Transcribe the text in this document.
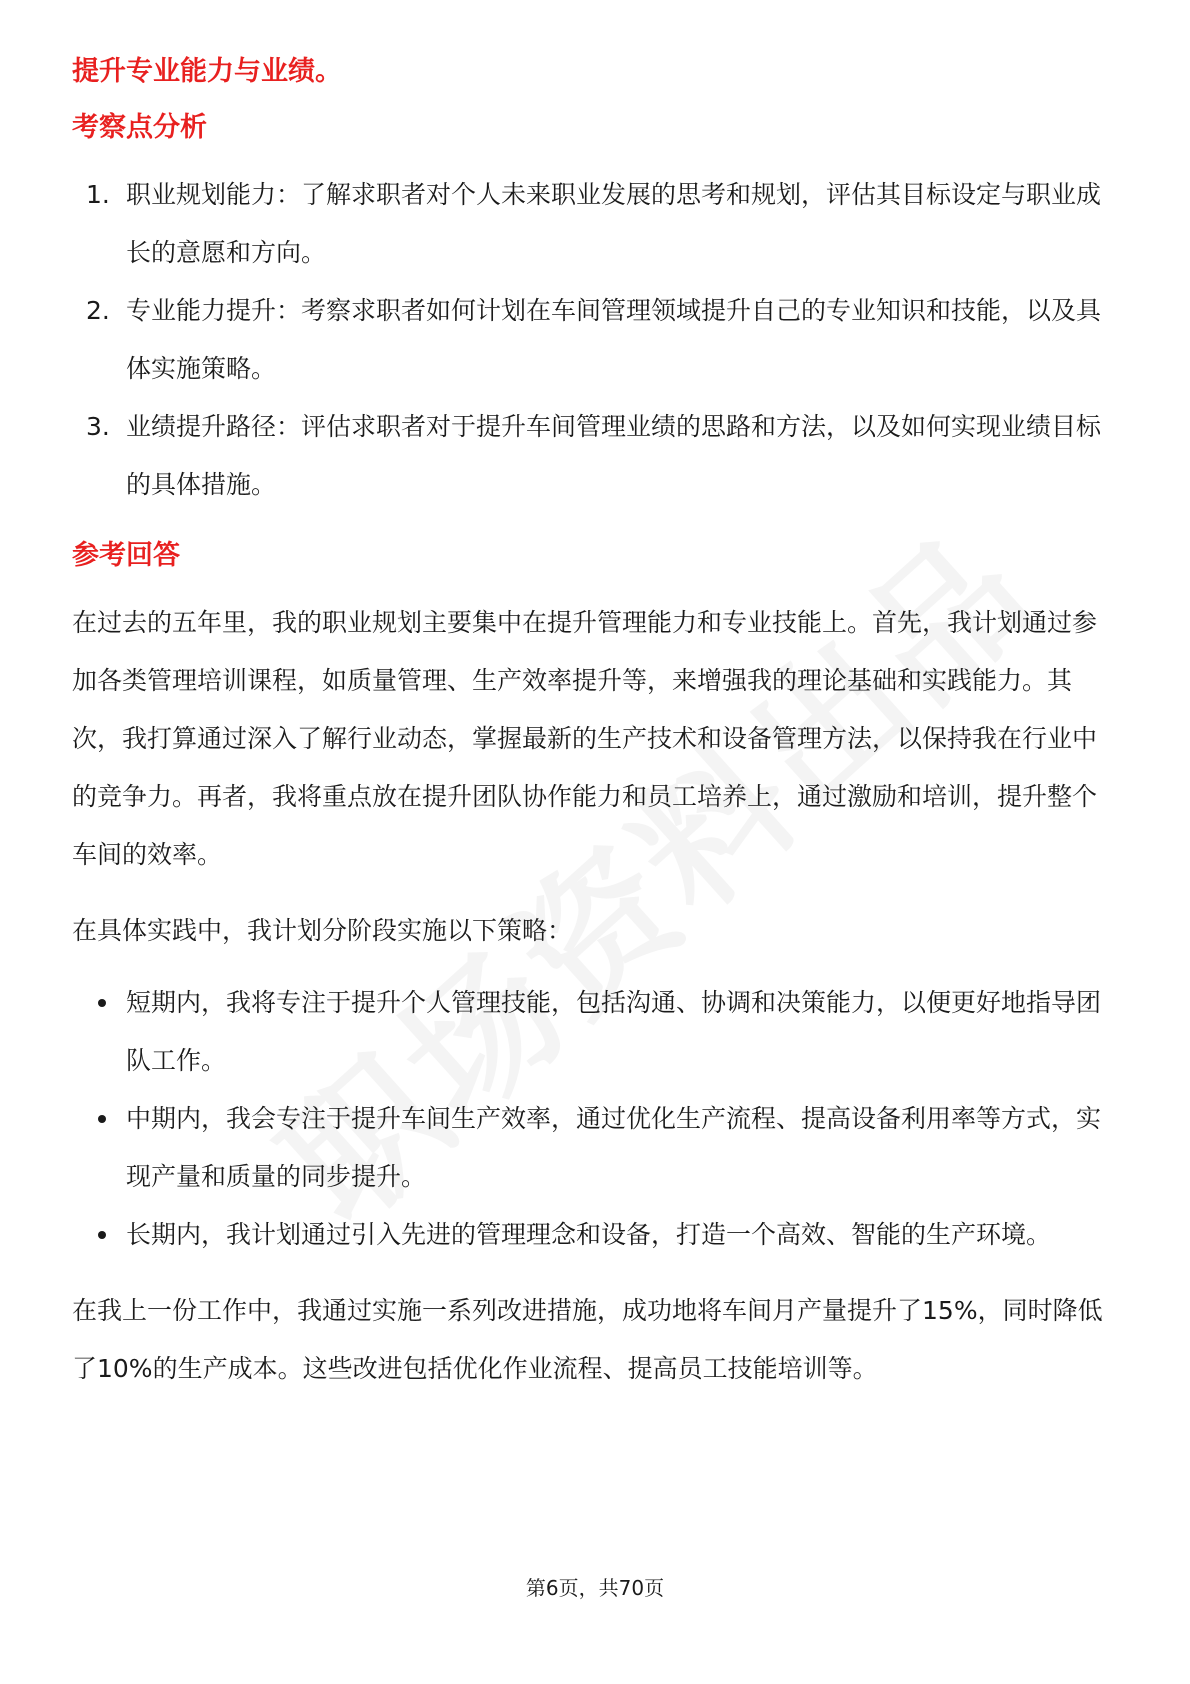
提升专业能力与业绩。

考察点分析
1. 职业规划能力：了解求职者对个人未来职业发展的思考和规划，评估其目标设定与职业成长的意愿和方向。
2. 专业能力提升：考察求职者如何计划在车间管理领域提升自己的专业知识和技能，以及具体实施策略。
3. 业绩提升路径：评估求职者对于提升车间管理业绩的思路和方法，以及如何实现业绩目标的具体措施。
参考回答

在过去的五年里，我的职业规划主要集中在提升管理能力和专业技能上。首先，我计划通过参加各类管理培训课程，如质量管理、生产效率提升等，来增强我的理论基础和实践能力。其次，我打算通过深入了解行业动态，掌握最新的生产技术和设备管理方法，以保持我在行业中的竞争力。再者，我将重点放在提升团队协作能力和员工培养上，通过激励和培训，提升整个车间的效率。

在具体实践中，我计划分阶段实施以下策略：

短期内，我将专注于提升个人管理技能，包括沟通、协调和决策能力，以便更好地指导团队工作。
中期内，我会专注于提升车间生产效率，通过优化生产流程、提高设备利用率等方式，实现产量和质量的同步提升。
长期内，我计划通过引入先进的管理理念和设备，打造一个高效、智能的生产环境。

在我上一份工作中，我通过实施一系列改进措施，成功地将车间月产量提升了15%，同时降低了10%的生产成本。这些改进包括优化作业流程、提高员工技能培训等。

第6页，共70页
